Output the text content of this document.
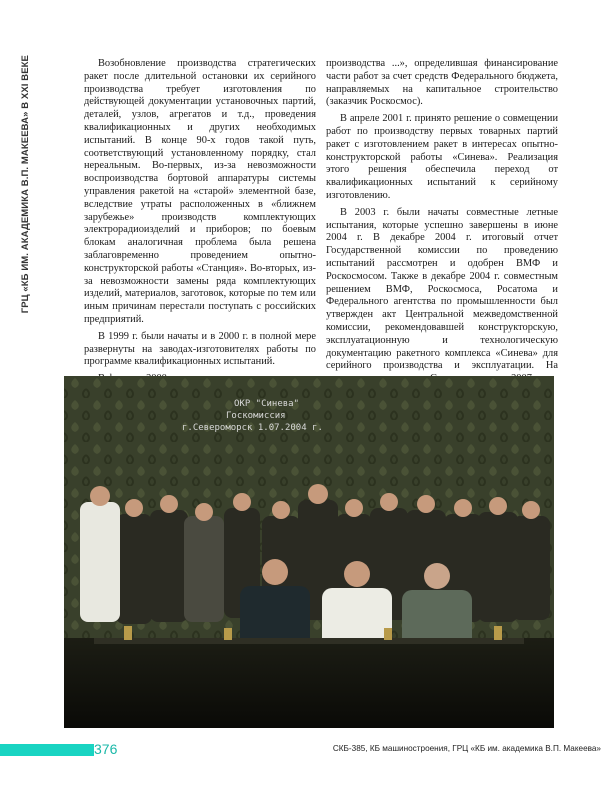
ГРЦ «КБ ИМ. АКАДЕМИКА В.П. МАКЕЕВА» В XXI ВЕКЕ	Возобновление производства стратегических ракет после длительной остановки их серийного производства требует изготовления по действующей документации установочных партий, деталей, узлов, агрегатов и т.д., проведения квалификационных и других необходимых испытаний. В конце 90-х годов такой путь, соответствующий установленному порядку, стал нереальным. Во-первых, из-за невозможности воспроизводства бортовой аппаратуры системы управления ракетой на «старой» элементной базе, вследствие утраты расположенных в «ближнем зарубежье» производств комплектующих электрорадиоизделий и приборов; по боевым блокам аналогичная проблема была решена заблаговременно проведением опытно-конструкторской работы «Станция». Во-вторых, из-за невозможности замены ряда комплектующих изделий, материалов, заготовок, которые по тем или иным причинам перестали поступать с российских предприятий.

В 1999 г. были начаты и в 2000 г. в полной мере развернуты на заводах-изготовителях работы по программе квалификационных испытаний.

производства ...», определившая финансирование части работ за счет средств Федерального бюджета, направляемых на капитальное строительство (заказчик Роскосмос).

В апреле 2001 г. принято решение о совмещении работ по производству первых товарных партий ракет с изготовлением ракет в интересах опытно-конструкторской работы «Синева». Реализация этого решения обеспечила переход от квалификационных испытаний к серийному изготовлению.

В 2003 г. были начаты совместные летные испытания, которые успешно завершены в июне 2004 г. В декабре 2004 г. итоговый отчет Государственной комиссии по проведению испытаний рассмотрен и одобрен ВМФ и Роскосмосом. Также в декабре 2004 г. совместным решением ВМФ, Роскосмоса, Росатома и Федерального агентства по промышленности был утвержден акт Центральной межведомственной комиссии, рекомендовавшей конструкторскую, эксплуатационную и технологическую документацию ракетного комплекса «Синева» для серийного производства и эксплуатации. На

ОКР "Синева"
Госкомиссия
г.Североморск 1.07.2004 г.
376	СКБ-385, КБ машиностроения, ГРЦ «КБ им. академика В.П. Макеева»
